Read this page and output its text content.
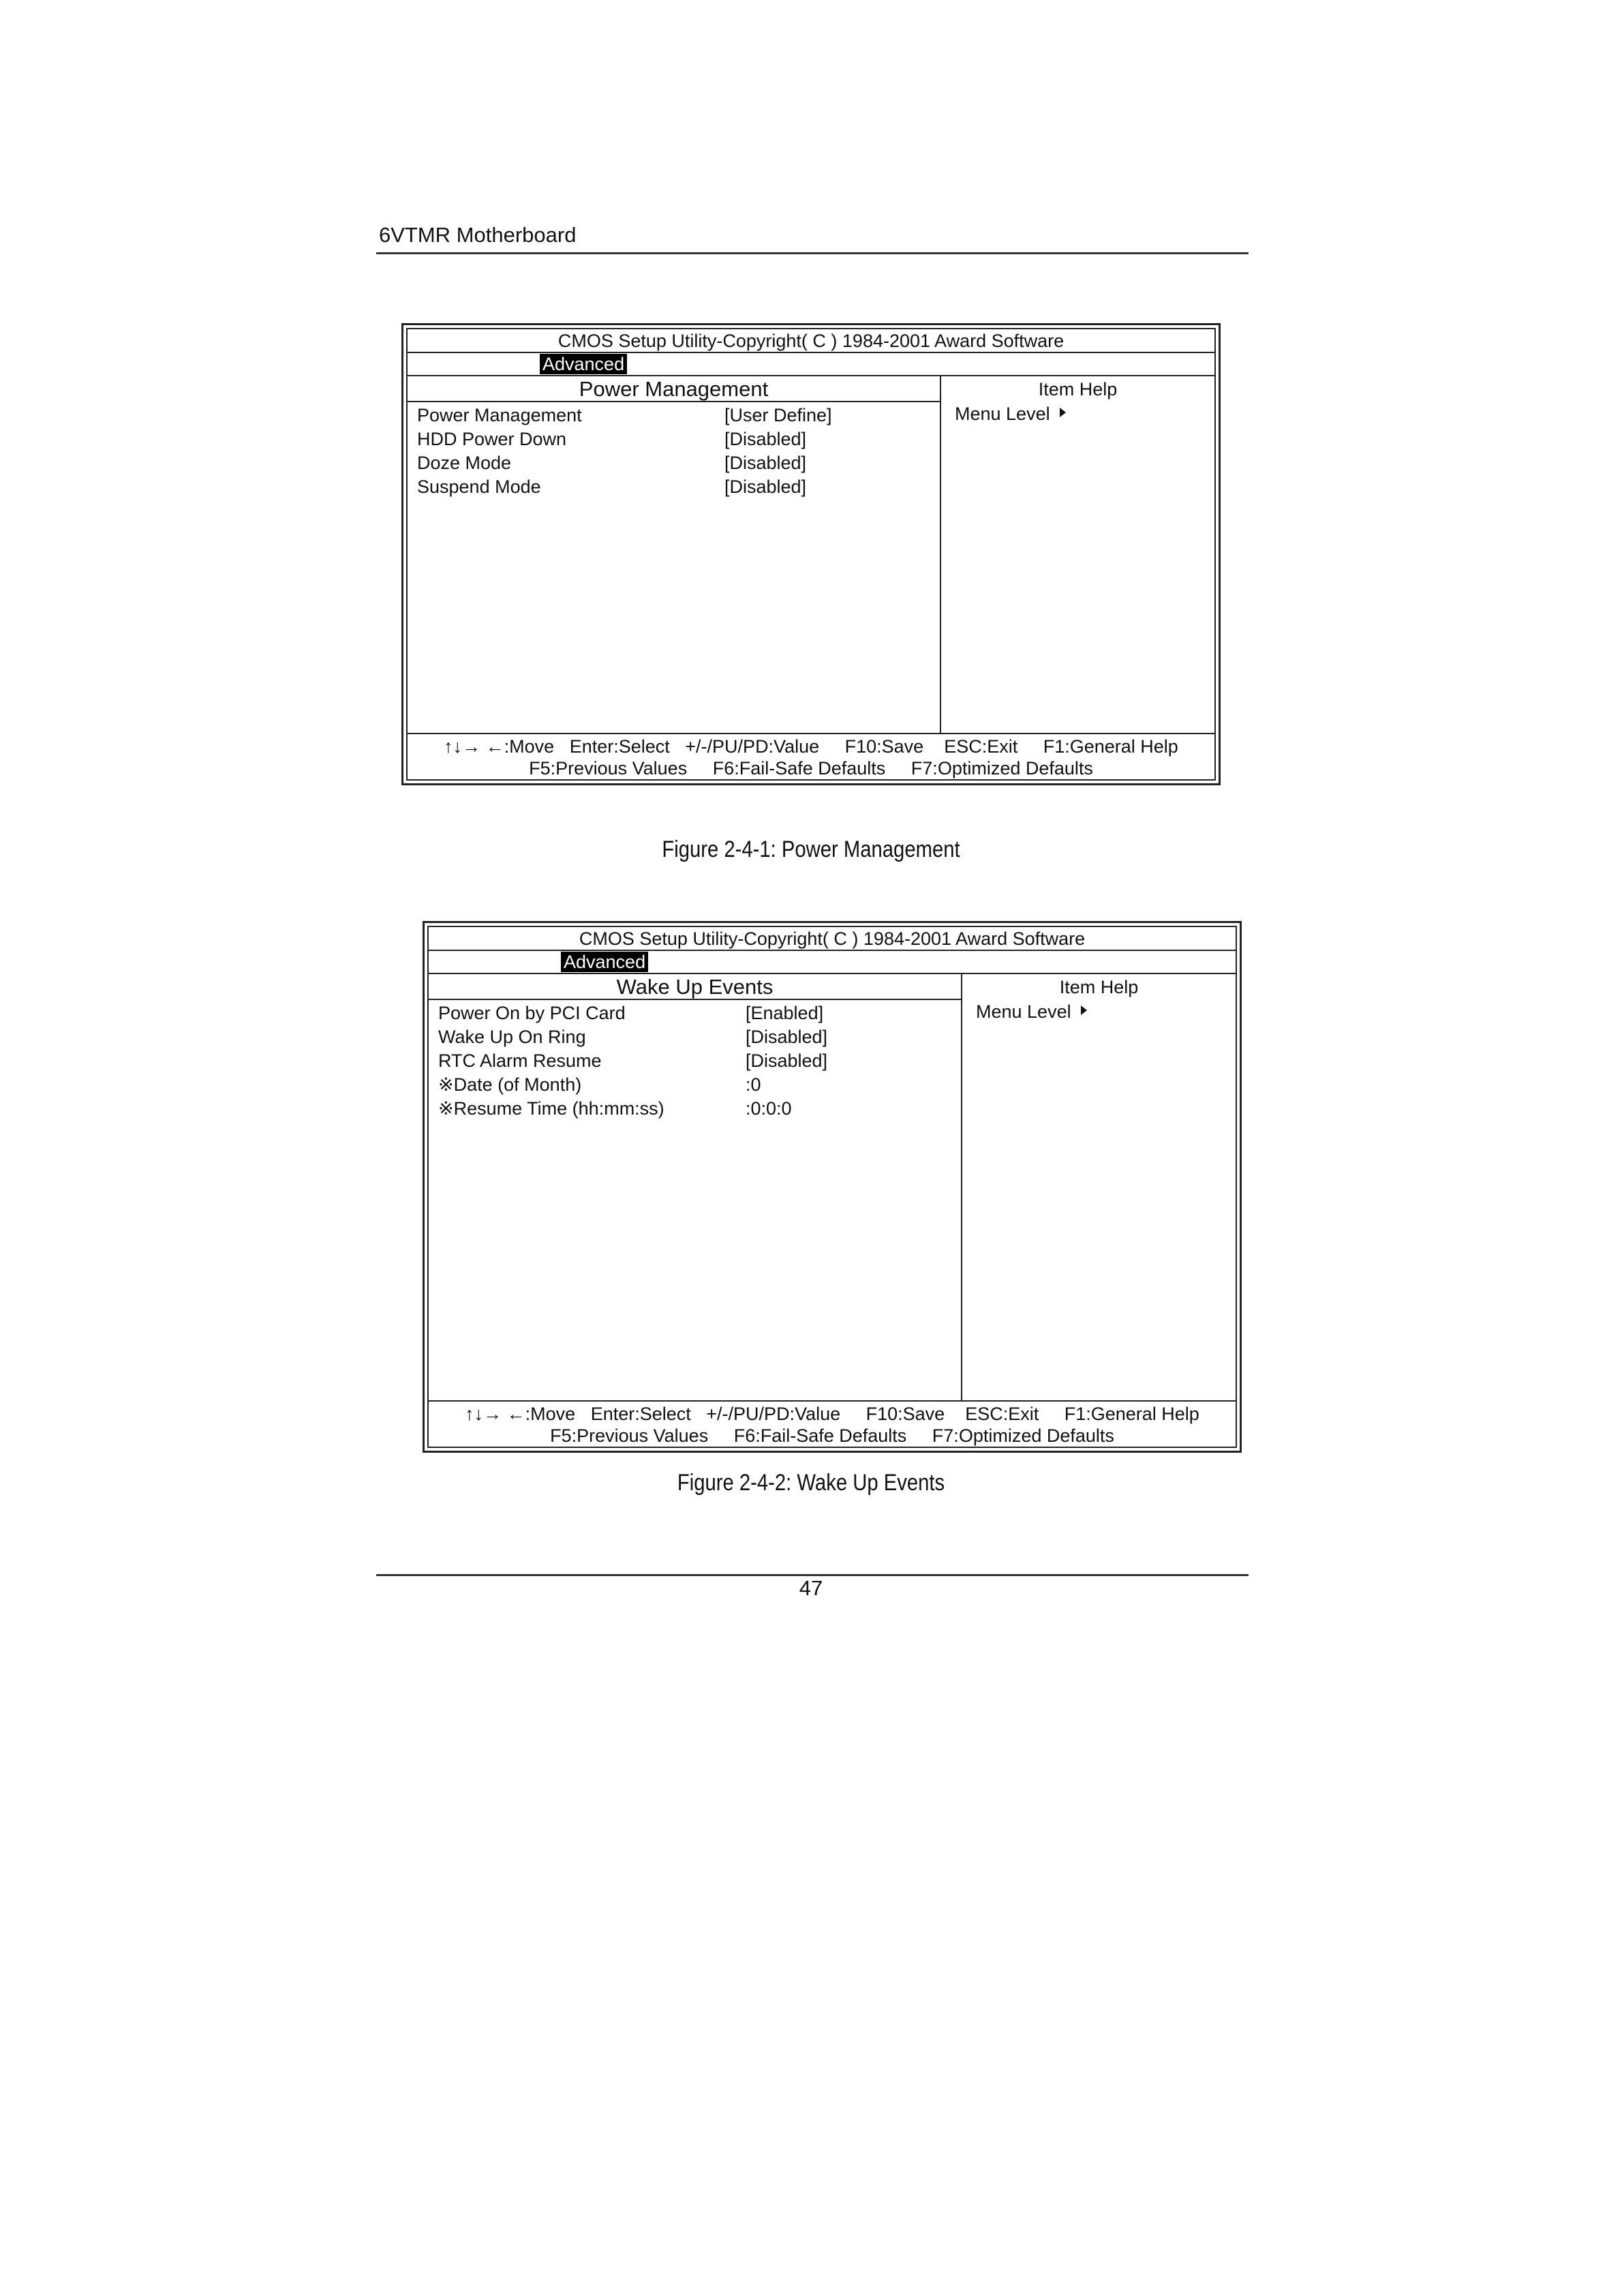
6VTMR Motherboard
CMOS Setup Utility-Copyright( C ) 1984-2001 Award Software
Advanced
Power Management
Power Management	[User Define]
HDD Power Down	[Disabled]
Doze Mode	[Disabled]
Suspend Mode	[Disabled]
Item Help
Menu Level
↑↓→ ←:Move   Enter:Select   +/-/PU/PD:Value     F10:Save    ESC:Exit     F1:General Help
F5:Previous Values     F6:Fail-Safe Defaults     F7:Optimized Defaults
Figure 2-4-1: Power Management
CMOS Setup Utility-Copyright( C ) 1984-2001 Award Software
Advanced
Wake Up Events
Power On by PCI Card	[Enabled]
Wake Up On Ring	[Disabled]
RTC Alarm Resume	[Disabled]
※Date (of Month)	:0
※Resume Time (hh:mm:ss)	:0:0:0
Item Help
Menu Level
↑↓→ ←:Move   Enter:Select   +/-/PU/PD:Value     F10:Save    ESC:Exit     F1:General Help
F5:Previous Values     F6:Fail-Safe Defaults     F7:Optimized Defaults
Figure 2-4-2: Wake Up Events
47
